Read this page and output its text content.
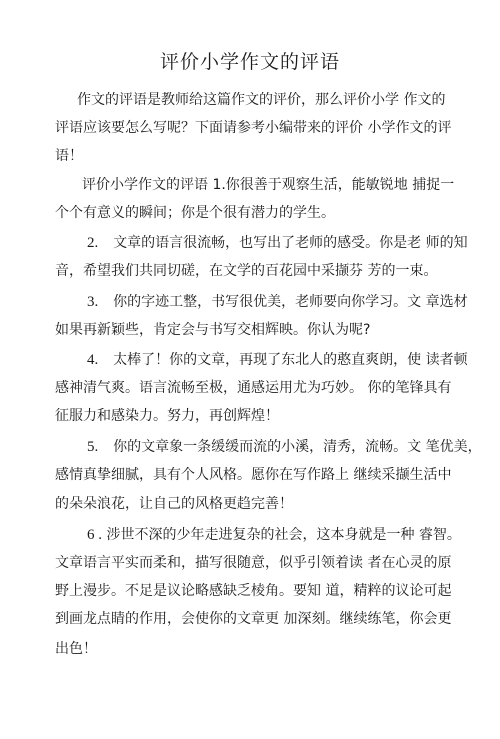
评价小学作文的评语
作文的评语是教师给这篇作文的评价，那么评价小学 作文的
评语应该要怎么写呢？下面请参考小编带来的评价 小学作文的评
语！
评价小学作文的评语 1.你很善于观察生活，能敏锐地 捕捉一
个个有意义的瞬间；你是个很有潜力的学生。
2. 文章的语言很流畅，也写出了老师的感受。你是老 师的知
音，希望我们共同切磋，在文学的百花园中采撷芬 芳的一束。
3. 你的字迹工整，书写很优美，老师要向你学习。文 章选材
如果再新颖些，肯定会与书写交相辉映。你认为呢?
4. 太棒了！你的文章，再现了东北人的憨直爽朗，使 读者顿
感神清气爽。语言流畅至极，通感运用尤为巧妙。 你的笔锋具有
征服力和感染力。努力，再创辉煌！
5. 你的文章象一条缓缓而流的小溪，清秀，流畅。文 笔优美，
感情真挚细腻，具有个人风格。愿你在写作路上 继续采撷生活中
的朵朵浪花，让自己的风格更趋完善！
6 . 涉世不深的少年走进复杂的社会，这本身就是一种 睿智。
文章语言平实而柔和，描写很随意，似乎引领着读 者在心灵的原
野上漫步。不足是议论略感缺乏棱角。要知 道，精粹的议论可起
到画龙点睛的作用，会使你的文章更 加深刻。继续练笔，你会更
出色！
